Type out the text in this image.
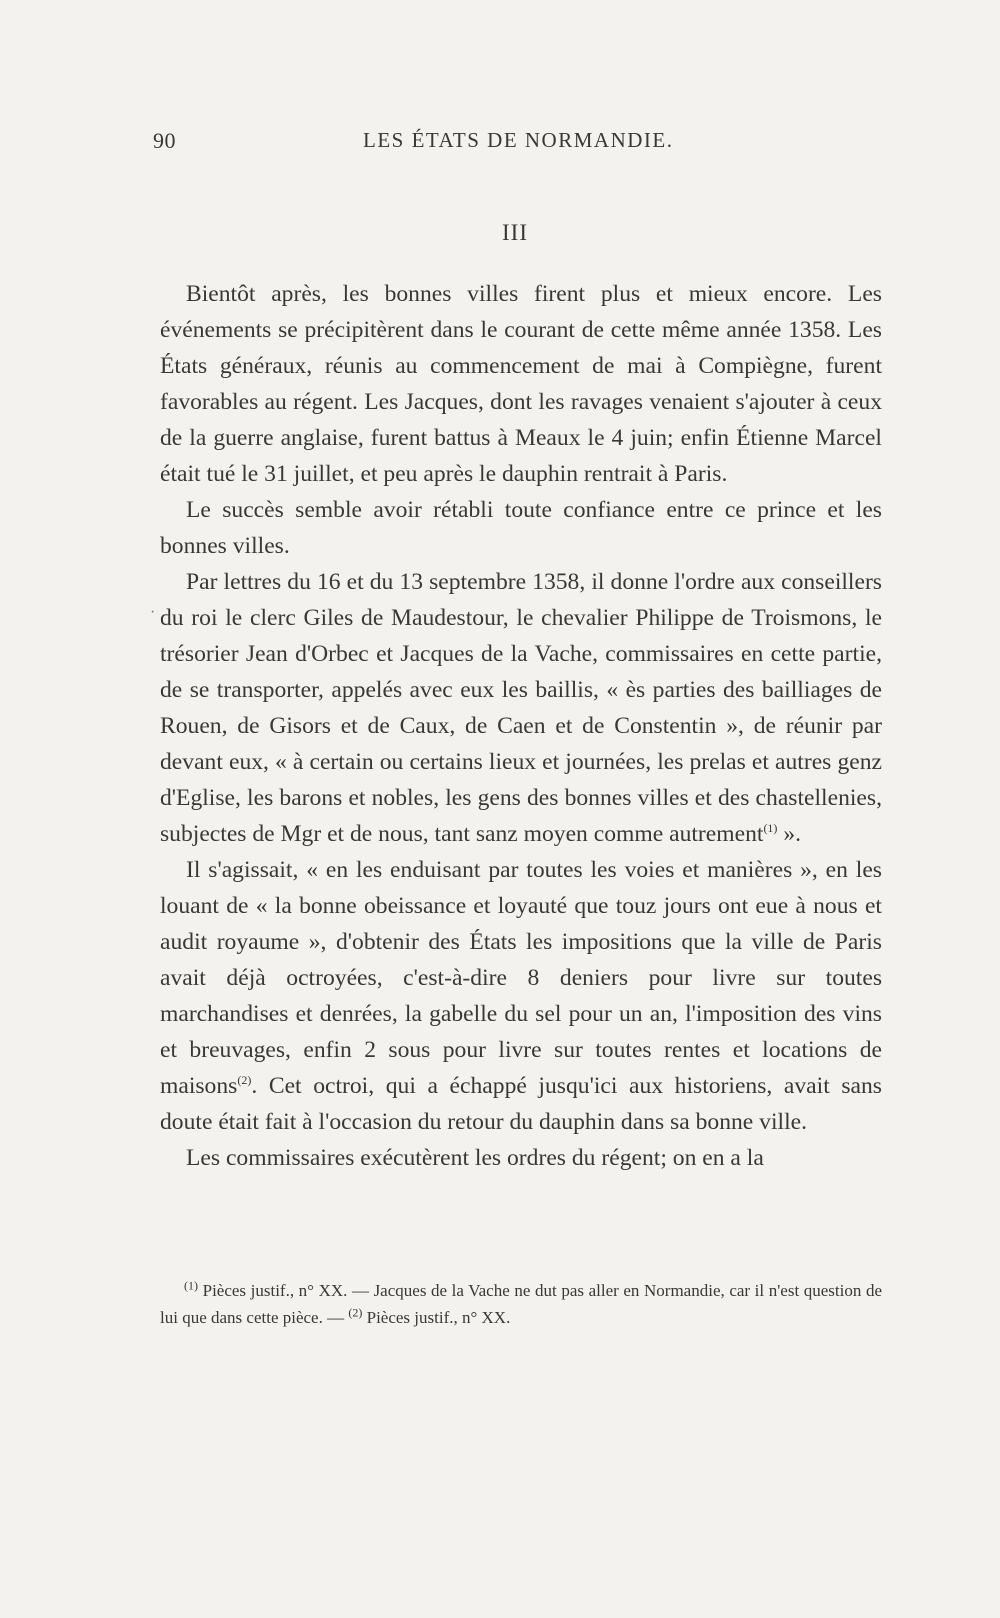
90	LES ÉTATS DE NORMANDIE.
III
·

Bientôt après, les bonnes villes firent plus et mieux encore. Les événements se précipitèrent dans le courant de cette même année 1358. Les États généraux, réunis au commencement de mai à Compiègne, furent favorables au régent. Les Jacques, dont les ravages venaient s'ajouter à ceux de la guerre anglaise, furent battus à Meaux le 4 juin; enfin Étienne Marcel était tué le 31 juillet, et peu après le dauphin rentrait à Paris.

Le succès semble avoir rétabli toute confiance entre ce prince et les bonnes villes.

Par lettres du 16 et du 13 septembre 1358, il donne l'ordre aux conseillers du roi le clerc Giles de Maudestour, le chevalier Philippe de Troismons, le trésorier Jean d'Orbec et Jacques de la Vache, commissaires en cette partie, de se transporter, appelés avec eux les baillis, « ès parties des bailliages de Rouen, de Gisors et de Caux, de Caen et de Constentin », de réunir par devant eux, « à certain ou certains lieux et journées, les prelas et autres genz d'Eglise, les barons et nobles, les gens des bonnes villes et des chastellenies, subjectes de Mgr et de nous, tant sanz moyen comme autrement$^{(1)}$ ».

Il s'agissait, « en les enduisant par toutes les voies et manières », en les louant de « la bonne obeissance et loyauté que touz jours ont eue à nous et audit royaume », d'obtenir des États les impositions que la ville de Paris avait déjà octroyées, c'est-à-dire 8 deniers pour livre sur toutes marchandises et denrées, la gabelle du sel pour un an, l'imposition des vins et breuvages, enfin 2 sous pour livre sur toutes rentes et locations de maisons$^{(2)}$. Cet octroi, qui a échappé jusqu'ici aux historiens, avait sans doute était fait à l'occasion du retour du dauphin dans sa bonne ville.

Les commissaires exécutèrent les ordres du régent; on en a la

$^{(1)}$ Pièces justif., n° XX. — Jacques de la Vache ne dut pas aller en Normandie, car il n'est question de lui que dans cette pièce. — $^{(2)}$ Pièces justif., n° XX.
